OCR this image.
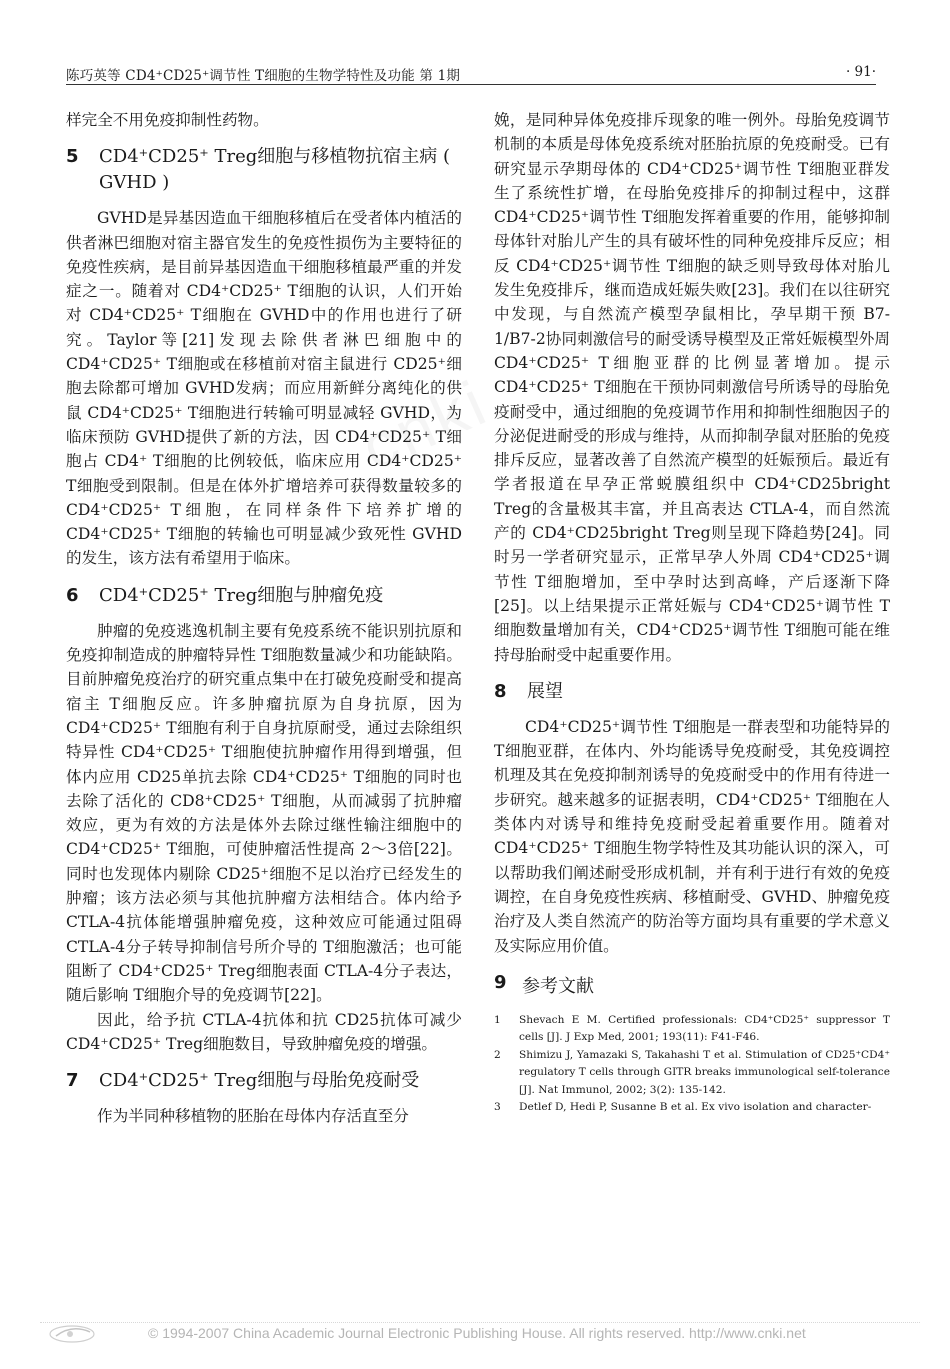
陈巧英等 CD4⁺CD25⁺调节性 T细胞的生物学特性及功能 第 1期	· 91·

样完全不用免疫抑制性药物。

5	CD4⁺CD25⁺ Treg细胞与移植物抗宿主病 ( GVHD )

GVHD是异基因造血干细胞移植后在受者体内植活的供者淋巴细胞对宿主器官发生的免疫性损伤为主要特征的免疫性疾病，是目前异基因造血干细胞移植最严重的并发症之一。随着对 CD4⁺CD25⁺ T细胞的认识，人们开始对 CD4⁺CD25⁺ T细胞在 GVHD中的作用也进行了研究。Taylor等[21]发现去除供者淋巴细胞中的 CD4⁺CD25⁺ T细胞或在移植前对宿主鼠进行 CD25⁺细胞去除都可增加 GVHD发病；而应用新鲜分离纯化的供鼠 CD4⁺CD25⁺ T细胞进行转输可明显减轻 GVHD，为临床预防 GVHD提供了新的方法，因 CD4⁺CD25⁺ T细胞占 CD4⁺ T细胞的比例较低，临床应用 CD4⁺CD25⁺ T细胞受到限制。但是在体外扩增培养可获得数量较多的 CD4⁺CD25⁺ T细胞，在同样条件下培养扩增的 CD4⁺CD25⁺ T细胞的转输也可明显减少致死性 GVHD的发生，该方法有希望用于临床。

6	CD4⁺CD25⁺ Treg细胞与肿瘤免疫

肿瘤的免疫逃逸机制主要有免疫系统不能识别抗原和免疫抑制造成的肿瘤特异性 T细胞数量减少和功能缺陷。目前肿瘤免疫治疗的研究重点集中在打破免疫耐受和提高宿主 T细胞反应。许多肿瘤抗原为自身抗原，因为 CD4⁺CD25⁺ T细胞有利于自身抗原耐受，通过去除组织特异性 CD4⁺CD25⁺ T细胞使抗肿瘤作用得到增强，但体内应用 CD25单抗去除 CD4⁺CD25⁺ T细胞的同时也去除了活化的 CD8⁺CD25⁺ T细胞，从而减弱了抗肿瘤效应，更为有效的方法是体外去除过继性输注细胞中的 CD4⁺CD25⁺ T细胞，可使肿瘤活性提高 2～3倍[22]。同时也发现体内剔除 CD25⁺细胞不足以治疗已经发生的肿瘤；该方法必须与其他抗肿瘤方法相结合。体内给予 CTLA-4抗体能增强肿瘤免疫，这种效应可能通过阻碍 CTLA-4分子转导抑制信号所介导的 T细胞激活；也可能阻断了 CD4⁺CD25⁺ Treg细胞表面 CTLA-4分子表达，随后影响 T细胞介导的免疫调节[22]。

因此，给予抗 CTLA-4抗体和抗 CD25抗体可减少 CD4⁺CD25⁺ Treg细胞数目，导致肿瘤免疫的增强。

7	CD4⁺CD25⁺ Treg细胞与母胎免疫耐受

作为半同种移植物的胚胎在母体内存活直至分

娩，是同种异体免疫排斥现象的唯一例外。母胎免疫调节机制的本质是母体免疫系统对胚胎抗原的免疫耐受。已有研究显示孕期母体的 CD4⁺CD25⁺调节性 T细胞亚群发生了系统性扩增，在母胎免疫排斥的抑制过程中，这群 CD4⁺CD25⁺调节性 T细胞发挥着重要的作用，能够抑制母体针对胎儿产生的具有破坏性的同种免疫排斥反应；相反 CD4⁺CD25⁺调节性 T细胞的缺乏则导致母体对胎儿发生免疫排斥，继而造成妊娠失败[23]。我们在以往研究中发现，与自然流产模型孕鼠相比，孕早期干预 B7-1/B7-2协同刺激信号的耐受诱导模型及正常妊娠模型外周 CD4⁺CD25⁺ T细胞亚群的比例显著增加。提示 CD4⁺CD25⁺ T细胞在干预协同刺激信号所诱导的母胎免疫耐受中，通过细胞的免疫调节作用和抑制性细胞因子的分泌促进耐受的形成与维持，从而抑制孕鼠对胚胎的免疫排斥反应，显著改善了自然流产模型的妊娠预后。最近有学者报道在早孕正常蜕膜组织中 CD4⁺CD25bright Treg的含量极其丰富，并且高表达 CTLA-4，而自然流产的 CD4⁺CD25bright Treg则呈现下降趋势[24]。同时另一学者研究显示，正常早孕人外周 CD4⁺CD25⁺调节性 T细胞增加，至中孕时达到高峰，产后逐渐下降[25]。以上结果提示正常妊娠与 CD4⁺CD25⁺调节性 T细胞数量增加有关，CD4⁺CD25⁺调节性 T细胞可能在维持母胎耐受中起重要作用。

8	展望

CD4⁺CD25⁺调节性 T细胞是一群表型和功能特异的 T细胞亚群，在体内、外均能诱导免疫耐受，其免疫调控机理及其在免疫抑制剂诱导的免疫耐受中的作用有待进一步研究。越来越多的证据表明，CD4⁺CD25⁺ T细胞在人类体内对诱导和维持免疫耐受起着重要作用。随着对 CD4⁺CD25⁺ T细胞生物学特性及其功能认识的深入，可以帮助我们阐述耐受形成机制，并有利于进行有效的免疫调控，在自身免疫性疾病、移植耐受、GVHD、肿瘤免疫治疗及人类自然流产的防治等方面均具有重要的学术意义及实际应用价值。

9 参考文献
1	Shevach E M. Certified professionals: CD4⁺CD25⁺ suppressor T cells [J]. J Exp Med, 2001; 193(11): F41-F46.
2	Shimizu J, Yamazaki S, Takahashi T et al. Stimulation of CD25⁺CD4⁺ regulatory T cells through GITR breaks immunological self-tolerance [J]. Nat Immunol, 2002; 3(2): 135-142.
3	Detlef D, Hedi P, Susanne B et al. Ex vivo isolation and character-
© 1994-2007 China Academic Journal Electronic Publishing House. All rights reserved. http://www.cnki.net
